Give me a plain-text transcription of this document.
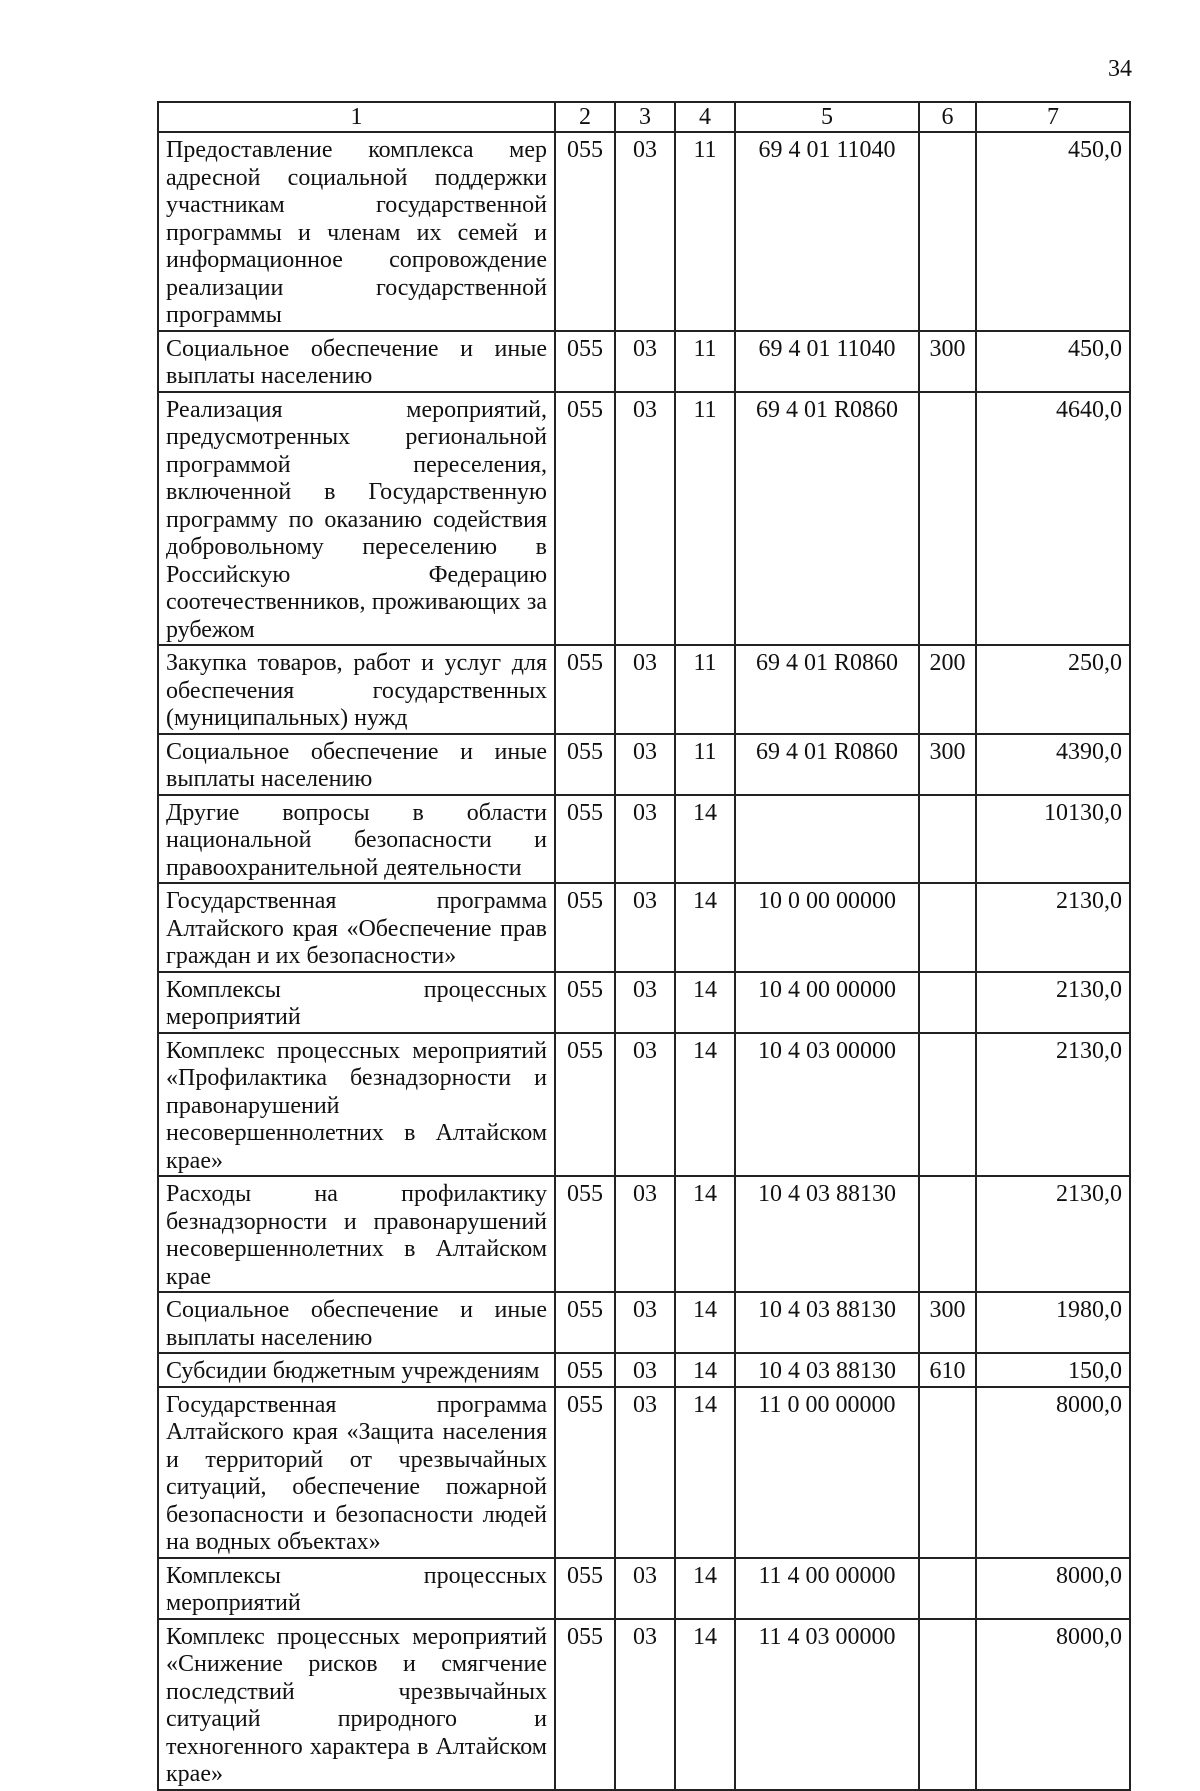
34
1	2	3	4	5	6	7
Предоставление комплекса мер адресной социальной поддержки участникам государственной программы и членам их семей и информационное сопровождение реализации государственной программы	055	03	11	69 4 01 11040		450,0
Социальное обеспечение и иные выплаты населению	055	03	11	69 4 01 11040	300	450,0
Реализация мероприятий, предусмотренных региональной программой переселения, включенной в Государственную программу по оказанию содействия добровольному переселению в Российскую Федерацию соотечественников, проживающих за рубежом	055	03	11	69 4 01 R0860		4640,0
Закупка товаров, работ и услуг для обеспечения государственных (муниципальных) нужд	055	03	11	69 4 01 R0860	200	250,0
Социальное обеспечение и иные выплаты населению	055	03	11	69 4 01 R0860	300	4390,0
Другие вопросы в области национальной безопасности и правоохранительной деятельности	055	03	14			10130,0
Государственная программа Алтайского края «Обеспечение прав граждан и их безопасности»	055	03	14	10 0 00 00000		2130,0
Комплексы процессных мероприятий	055	03	14	10 4 00 00000		2130,0
Комплекс процессных мероприятий «Профилактика безнадзорности и правонарушений несовершеннолетних в Алтайском крае»	055	03	14	10 4 03 00000		2130,0
Расходы на профилактику безнадзорности и правонарушений несовершеннолетних в Алтайском крае	055	03	14	10 4 03 88130		2130,0
Социальное обеспечение и иные выплаты населению	055	03	14	10 4 03 88130	300	1980,0
Субсидии бюджетным учреждениям	055	03	14	10 4 03 88130	610	150,0
Государственная программа Алтайского края «Защита населения и территорий от чрезвычайных ситуаций, обеспечение пожарной безопасности и безопасности людей на водных объектах»	055	03	14	11 0 00 00000		8000,0
Комплексы процессных мероприятий	055	03	14	11 4 00 00000		8000,0
Комплекс процессных мероприятий «Снижение рисков и смягчение последствий чрезвычайных ситуаций природного и техногенного характера в Алтайском крае»	055	03	14	11 4 03 00000		8000,0
